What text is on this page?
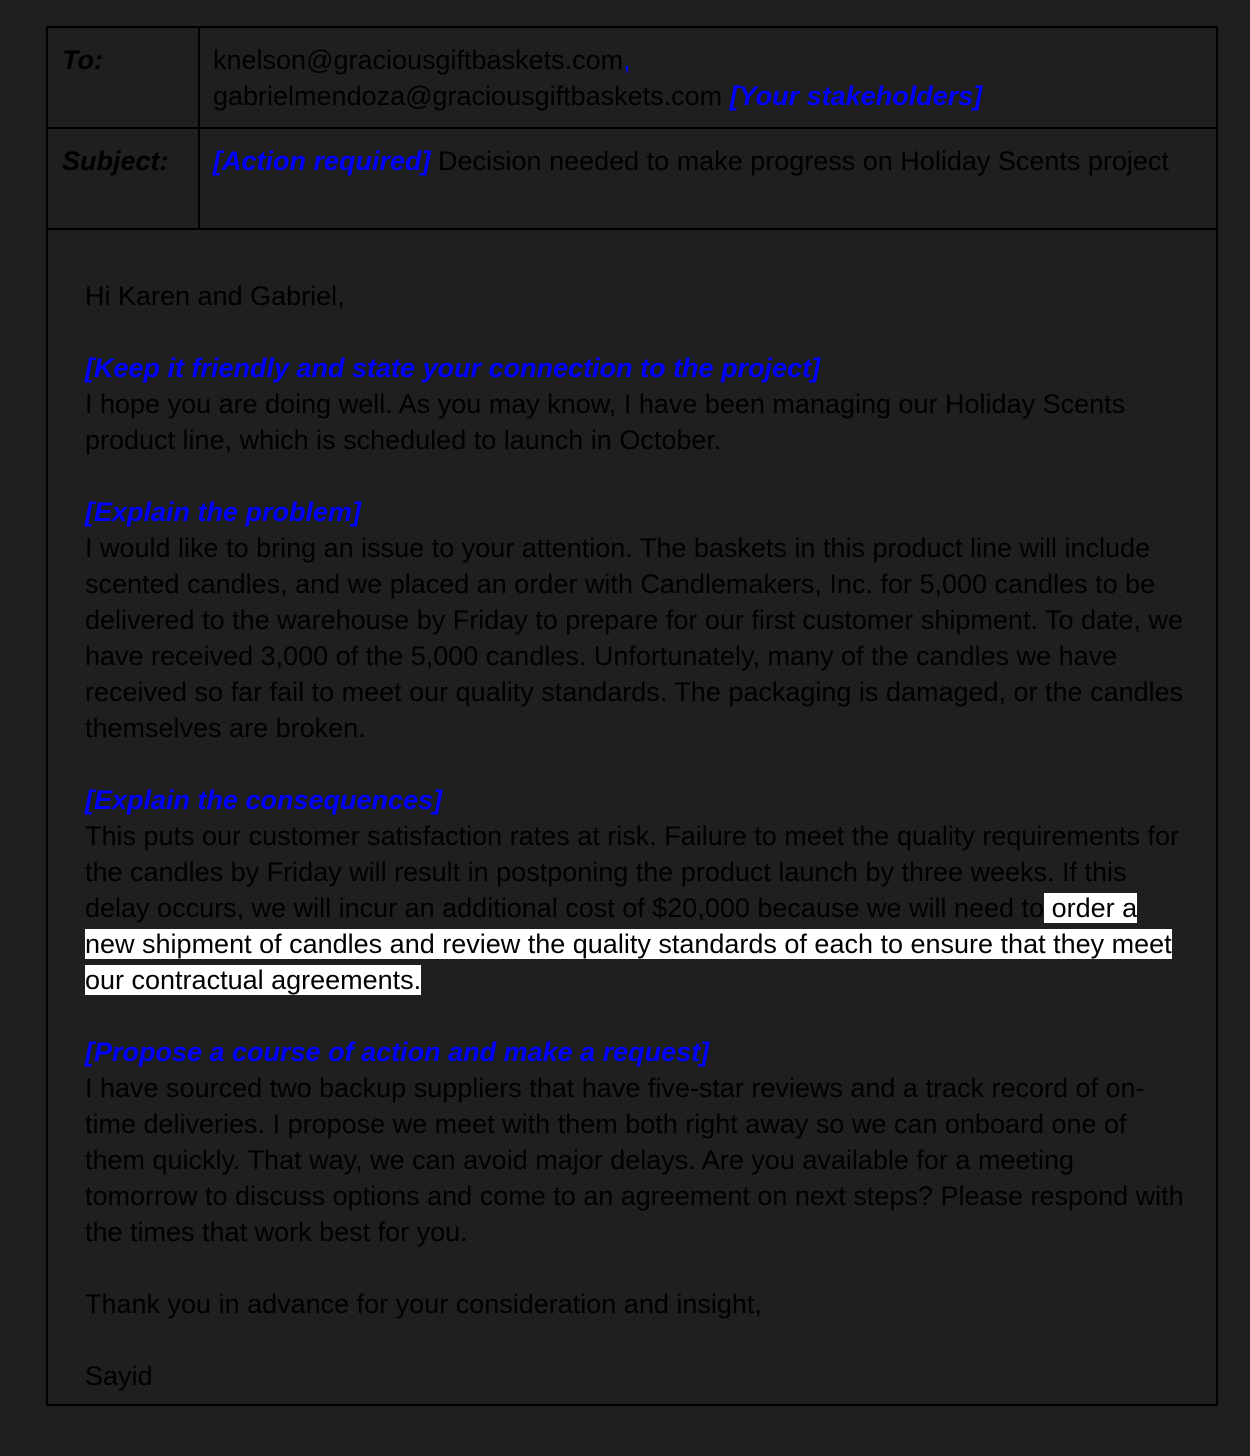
To:	knelson@graciousgiftbaskets.com,
gabrielmendoza@graciousgiftbaskets.com [Your stakeholders]
Subject:	[Action required] Decision needed to make progress on Holiday Scents project

Hi Karen and Gabriel,

[Keep it friendly and state your connection to the project]

I hope you are doing well. As you may know, I have been managing our Holiday Scents product line, which is scheduled to launch in October.

[Explain the problem]

I would like to bring an issue to your attention. The baskets in this product line will include scented candles, and we placed an order with Candlemakers, Inc. for 5,000 candles to be delivered to the warehouse by Friday to prepare for our first customer shipment. To date, we have received 3,000 of the 5,000 candles. Unfortunately, many of the candles we have received so far fail to meet our quality standards. The packaging is damaged, or the candles themselves are broken.

[Explain the consequences]

This puts our customer satisfaction rates at risk. Failure to meet the quality requirements for the candles by Friday will result in postponing the product launch by three weeks. If this delay occurs, we will incur an additional cost of $20,000 because we will need to order a new shipment of candles and review the quality standards of each to ensure that they meet our contractual agreements.

[Propose a course of action and make a request]

I have sourced two backup suppliers that have five-star reviews and a track record of on-time deliveries. I propose we meet with them both right away so we can onboard one of them quickly. That way, we can avoid major delays. Are you available for a meeting tomorrow to discuss options and come to an agreement on next steps? Please respond with the times that work best for you.

Thank you in advance for your consideration and insight,

Sayid
